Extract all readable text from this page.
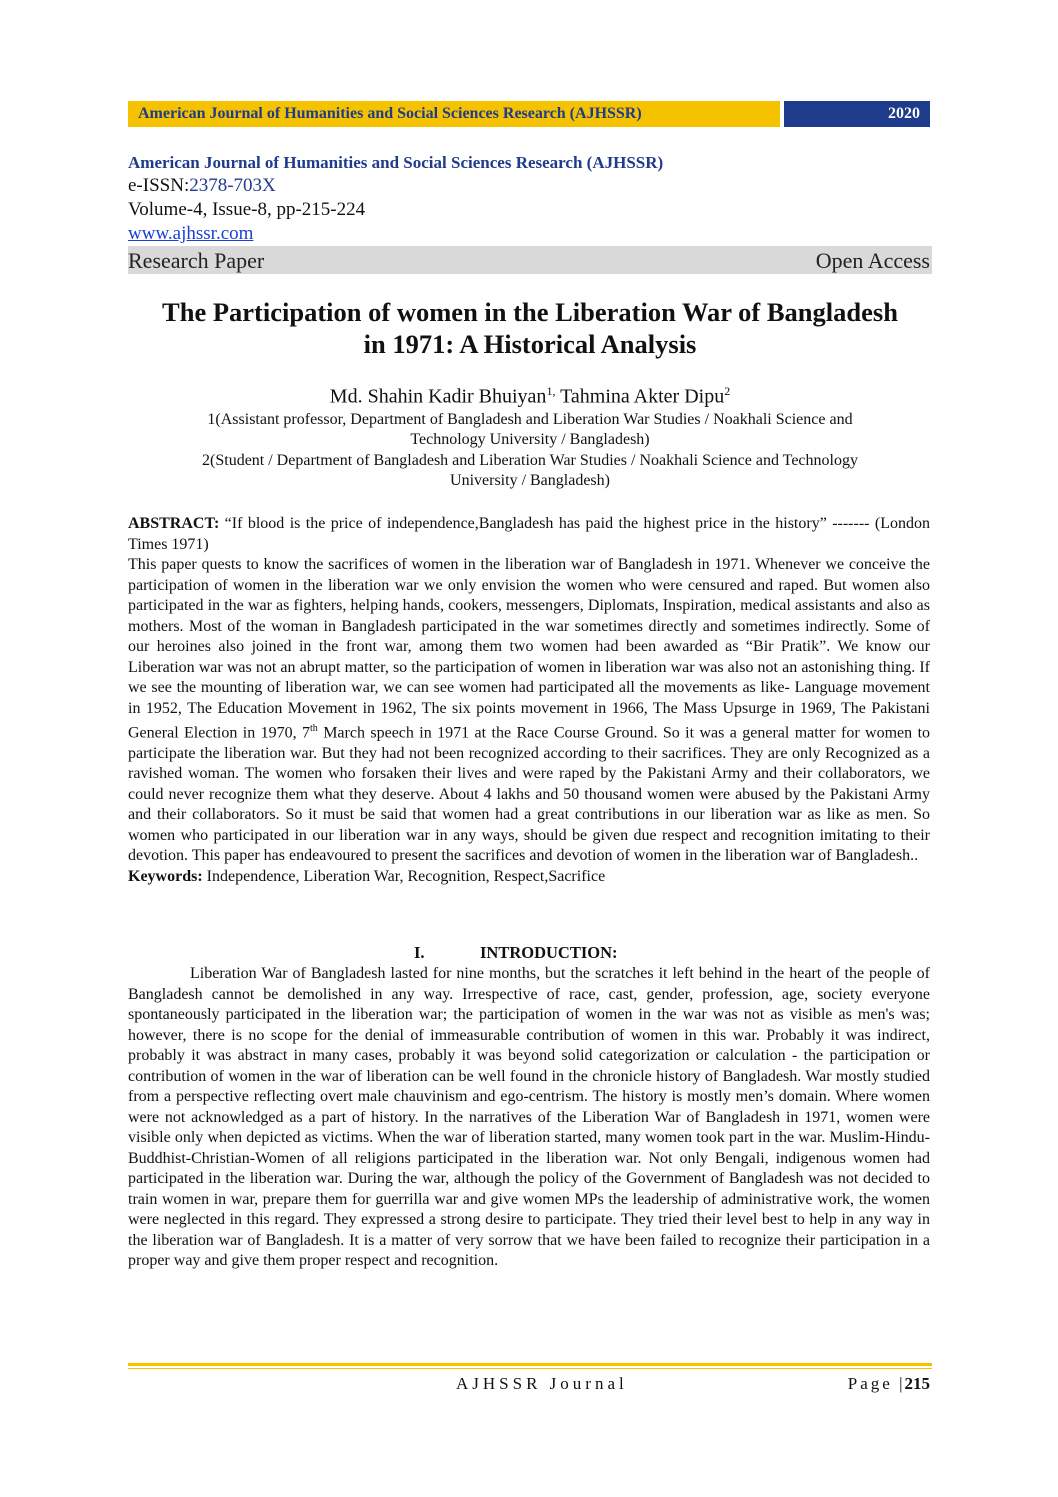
American Journal of Humanities and Social Sciences Research (AJHSSR)	2020
American Journal of Humanities and Social Sciences Research (AJHSSR)
e-ISSN:2378-703X
Volume-4, Issue-8, pp-215-224
www.ajhssr.com
Research Paper	Open Access
The Participation of women in the Liberation War of Bangladesh
in 1971: A Historical Analysis
Md. Shahin Kadir Bhuiyan$^{1,}$ Tahmina Akter Dipu$^2$
1(Assistant professor, Department of Bangladesh and Liberation War Studies / Noakhali Science and
Technology University / Bangladesh)
2(Student / Department of Bangladesh and Liberation War Studies / Noakhali Science and Technology
University / Bangladesh)
ABSTRACT: “If blood is the price of independence,Bangladesh has paid the highest price in the history” ------- (London Times 1971)
This paper quests to know the sacrifices of women in the liberation war of Bangladesh in 1971. Whenever we conceive the participation of women in the liberation war we only envision the women who were censured and raped. But women also participated in the war as fighters, helping hands, cookers, messengers, Diplomats, Inspiration, medical assistants and also as mothers. Most of the woman in Bangladesh participated in the war sometimes directly and sometimes indirectly. Some of our heroines also joined in the front war, among them two women had been awarded as “Bir Pratik”. We know our Liberation war was not an abrupt matter, so the participation of women in liberation war was also not an astonishing thing. If we see the mounting of liberation war, we can see women had participated all the movements as like- Language movement in 1952, The Education Movement in 1962, The six points movement in 1966, The Mass Upsurge in 1969, The Pakistani General Election in 1970, 7th March speech in 1971 at the Race Course Ground. So it was a general matter for women to participate the liberation war. But they had not been recognized according to their sacrifices. They are only Recognized as a ravished woman. The women who forsaken their lives and were raped by the Pakistani Army and their collaborators, we could never recognize them what they deserve. About 4 lakhs and 50 thousand women were abused by the Pakistani Army and their collaborators. So it must be said that women had a great contributions in our liberation war as like as men. So women who participated in our liberation war in any ways, should be given due respect and recognition imitating to their devotion. This paper has endeavoured to present the sacrifices and devotion of women in the liberation war of Bangladesh..
Keywords: Independence, Liberation War, Recognition, Respect,Sacrifice
I.	INTRODUCTION:
Liberation War of Bangladesh lasted for nine months, but the scratches it left behind in the heart of the people of Bangladesh cannot be demolished in any way. Irrespective of race, cast, gender, profession, age, society everyone spontaneously participated in the liberation war; the participation of women in the war was not as visible as men's was; however, there is no scope for the denial of immeasurable contribution of women in this war. Probably it was indirect, probably it was abstract in many cases, probably it was beyond solid categorization or calculation - the participation or contribution of women in the war of liberation can be well found in the chronicle history of Bangladesh. War mostly studied from a perspective reflecting overt male chauvinism and ego-centrism. The history is mostly men’s domain. Where women were not acknowledged as a part of history. In the narratives of the Liberation War of Bangladesh in 1971, women were visible only when depicted as victims. When the war of liberation started, many women took part in the war. Muslim-Hindu-Buddhist-Christian-Women of all religions participated in the liberation war. Not only Bengali, indigenous women had participated in the liberation war. During the war, although the policy of the Government of Bangladesh was not decided to train women in war, prepare them for guerrilla war and give women MPs the leadership of administrative work, the women were neglected in this regard. They expressed a strong desire to participate. They tried their level best to help in any way in the liberation war of Bangladesh. It is a matter of very sorrow that we have been failed to recognize their participation in a proper way and give them proper respect and recognition.
AJHSSR Journal	Page | 215
